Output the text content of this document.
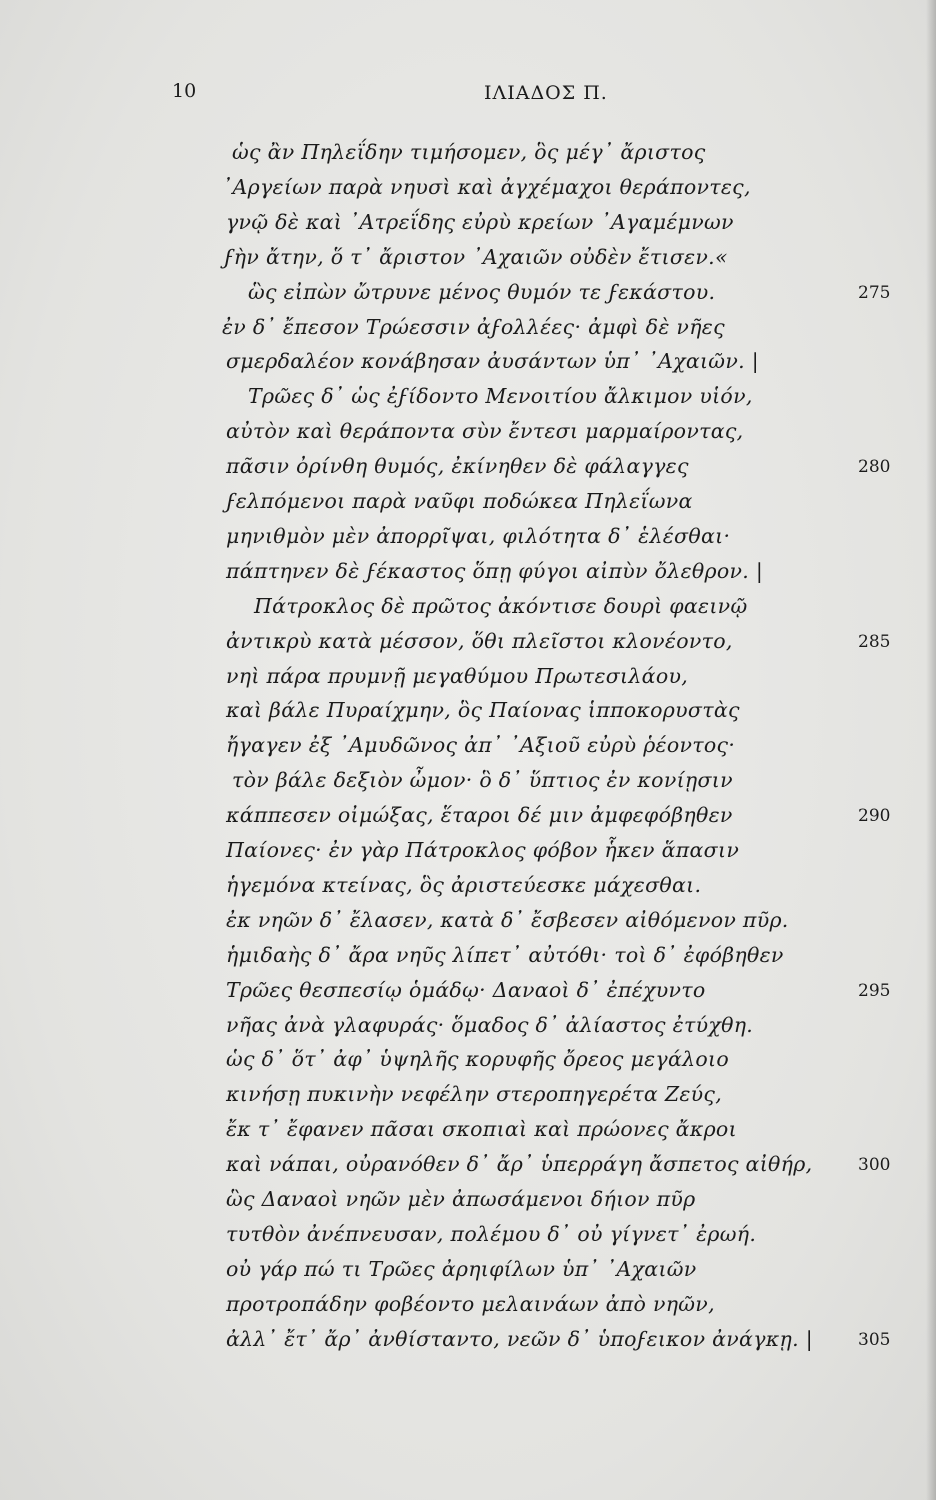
10	ΙΛΙΑΔΟΣ Π.
ὡς ἂν Πηλεΐδην τιμήσομεν, ὃς μέγ᾽ ἄριστος
᾿Αργείων παρὰ νηυσὶ καὶ ἀγχέμαχοι θεράποντες,
γνῷ δὲ καὶ ᾿Ατρεΐδης εὐρὺ κρείων ᾿Αγαμέμνων
ϝὴν ἄτην, ὅ τ᾽ ἄριστον ᾿Αχαιῶν οὐδὲν ἔτισεν.«
ὣς εἰπὼν ὤτρυνε μένος θυμόν τε ϝεκάστου.	275
ἐν δ᾽ ἔπεσον Τρώεσσιν ἀϝολλέες· ἀμφὶ δὲ νῆες
σμερδαλέον κονάβησαν ἀυσάντων ὑπ᾽ ᾿Αχαιῶν. |
Τρῶες δ᾽ ὡς ἐϝίδοντο Μενοιτίου ἄλκιμον υἱόν,
αὐτὸν καὶ θεράποντα σὺν ἔντεσι μαρμαίροντας,
πᾶσιν ὀρίνθη θυμός, ἐκίνηθεν δὲ φάλαγγες	280
ϝελπόμενοι παρὰ ναῦφι ποδώκεα Πηλεΐωνα
μηνιθμὸν μὲν ἀπορρῖψαι, φιλότητα δ᾽ ἑλέσθαι·
πάπτηνεν δὲ ϝέκαστος ὅπῃ φύγοι αἰπὺν ὄλεθρον. |
Πάτροκλος δὲ πρῶτος ἀκόντισε δουρὶ φαεινῷ
ἀντικρὺ κατὰ μέσσον, ὅθι πλεῖστοι κλονέοντο,	285
νηὶ πάρα πρυμνῇ μεγαθύμου Πρωτεσιλάου,
καὶ βάλε Πυραίχμην, ὃς Παίονας ἱπποκορυστὰς
ἤγαγεν ἐξ ᾿Αμυδῶνος ἀπ᾽ ᾿Αξιοῦ εὐρὺ ῥέοντος·
τὸν βάλε δεξιὸν ὦμον· ὃ δ᾽ ὕπτιος ἐν κονίῃσιν
κάππεσεν οἰμώξας, ἕταροι δέ μιν ἀμφεφόβηθεν	290
Παίονες· ἐν γὰρ Πάτροκλος φόβον ἧκεν ἅπασιν
ἡγεμόνα κτείνας, ὃς ἀριστεύεσκε μάχεσθαι.
ἐκ νηῶν δ᾽ ἔλασεν, κατὰ δ᾽ ἔσβεσεν αἰθόμενον πῦρ.
ἡμιδαὴς δ᾽ ἄρα νηῦς λίπετ᾽ αὐτόθι· τοὶ δ᾽ ἐφόβηθεν
Τρῶες θεσπεσίῳ ὁμάδῳ· Δαναοὶ δ᾽ ἐπέχυντο	295
νῆας ἀνὰ γλαφυράς· ὅμαδος δ᾽ ἀλίαστος ἐτύχθη.
ὡς δ᾽ ὅτ᾽ ἀφ᾽ ὑψηλῆς κορυφῆς ὄρεος μεγάλοιο
κινήσῃ πυκινὴν νεφέλην στεροπηγερέτα Ζεύς,
ἔκ τ᾽ ἔφανεν πᾶσαι σκοπιαὶ καὶ πρώονες ἄκροι
καὶ νάπαι, οὐρανόθεν δ᾽ ἄρ᾽ ὑπερράγη ἄσπετος αἰθήρ,	300
ὣς Δαναοὶ νηῶν μὲν ἀπωσάμενοι δήιον πῦρ
τυτθὸν ἀνέπνευσαν, πολέμου δ᾽ οὐ γίγνετ᾽ ἐρωή.
οὐ γάρ πώ τι Τρῶες ἀρηιφίλων ὑπ᾽ ᾿Αχαιῶν
προτροπάδην φοβέοντο μελαινάων ἀπὸ νηῶν,
ἀλλ᾽ ἔτ᾽ ἄρ᾽ ἀνθίσταντο, νεῶν δ᾽ ὑποϝεικον ἀνάγκῃ. |	305
